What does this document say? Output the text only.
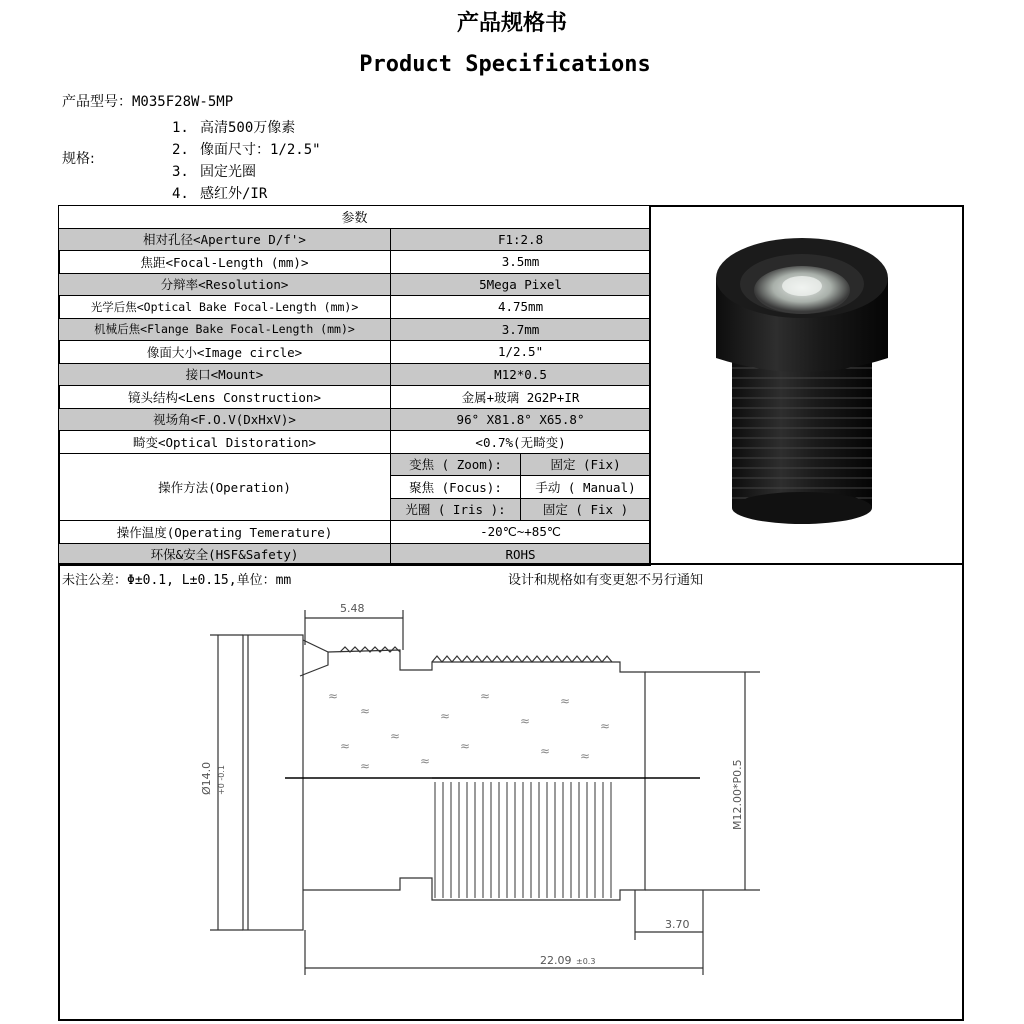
产品规格书
Product Specifications
产品型号：M035F28W-5MP
规格:
1. 高清500万像素
2. 像面尺寸：1/2.5"
3. 固定光圈
4. 感红外/IR
参数		
相对孔径<Aperture D/f'>	F1:2.8	
焦距<Focal-Length (mm)>	3.5mm	
分辩率<Resolution>	5Mega Pixel	
光学后焦<Optical Bake Focal-Length (mm)>	4.75mm	
机械后焦<Flange Bake Focal-Length (mm)>	3.7mm	
像面大小<Image circle>	1/2.5"	
接口<Mount>	M12*0.5	
镜头结构<Lens Construction>	金属+玻璃 2G2P+IR	
视场角<F.O.V(DxHxV)>	96° X81.8° X65.8°	
畸变<Optical Distoration>	<0.7%(无畸变)	
操作方法(Operation)	变焦 ( Zoom):	固定 (Fix)
	聚焦 (Focus):	手动 ( Manual)
	光圈 ( Iris ):	固定 ( Fix )
操作温度(Operating Temerature)	-20℃~+85℃	
环保&安全(HSF&Safety)	ROHS	
未注公差：Φ±0.1, L±0.15,单位：mm	设计和规格如有变更恕不另行通知
≈
≈
≈
≈
≈
≈
≈
≈
≈
≈	≈
≈
≈
≈
5.48
Ø14.0 +0 -0.1	M12.00*P0.5
3.70
22.09 ±0.3
